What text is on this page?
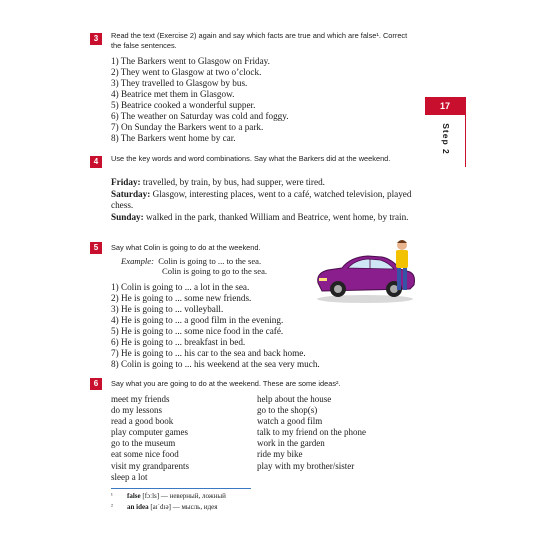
17
Step 2
3	Read the text (Exercise 2) again and say which facts are true and which are false¹. Correct the false sentences.
1) The Barkers went to Glasgow on Friday.
2) They went to Glasgow at two o’clock.
3) They travelled to Glasgow by bus.
4) Beatrice met them in Glasgow.
5) Beatrice cooked a wonderful supper.
6) The weather on Saturday was cold and foggy.
7) On Sunday the Barkers went to a park.
8) The Barkers went home by car.
4	Use the key words and word combinations. Say what the Barkers did at the weekend.
Friday: travelled, by train, by bus, had supper, were tired.
Saturday: Glasgow, interesting places, went to a café, watched television, played chess.
Sunday: walked in the park, thanked William and Beatrice, went home, by train.
5	Say what Colin is going to do at the weekend.
Example: Colin is going to ... to the sea.
Colin is going to go to the sea.
1) Colin is going to ... a lot in the sea.
2) He is going to ... some new friends.
3) He is going to ... volleyball.
4) He is going to ... a good film in the evening.
5) He is going to ... some nice food in the café.
6) He is going to ... breakfast in bed.
7) He is going to ... his car to the sea and back home.
8) Colin is going to ... his weekend at the sea very much.
6	Say what you are going to do at the weekend. These are some ideas².
meet my friends
do my lessons
read a good book
play computer games
go to the museum
eat some nice food
visit my grandparents
sleep a lot
help about the house
go to the shop(s)
watch a good film
talk to my friend on the phone
work in the garden
ride my bike
play with my brother/sister
¹ false [fɔːls] — неверный, ложный
² an idea [aɪˈdɪə] — мысль, идея
